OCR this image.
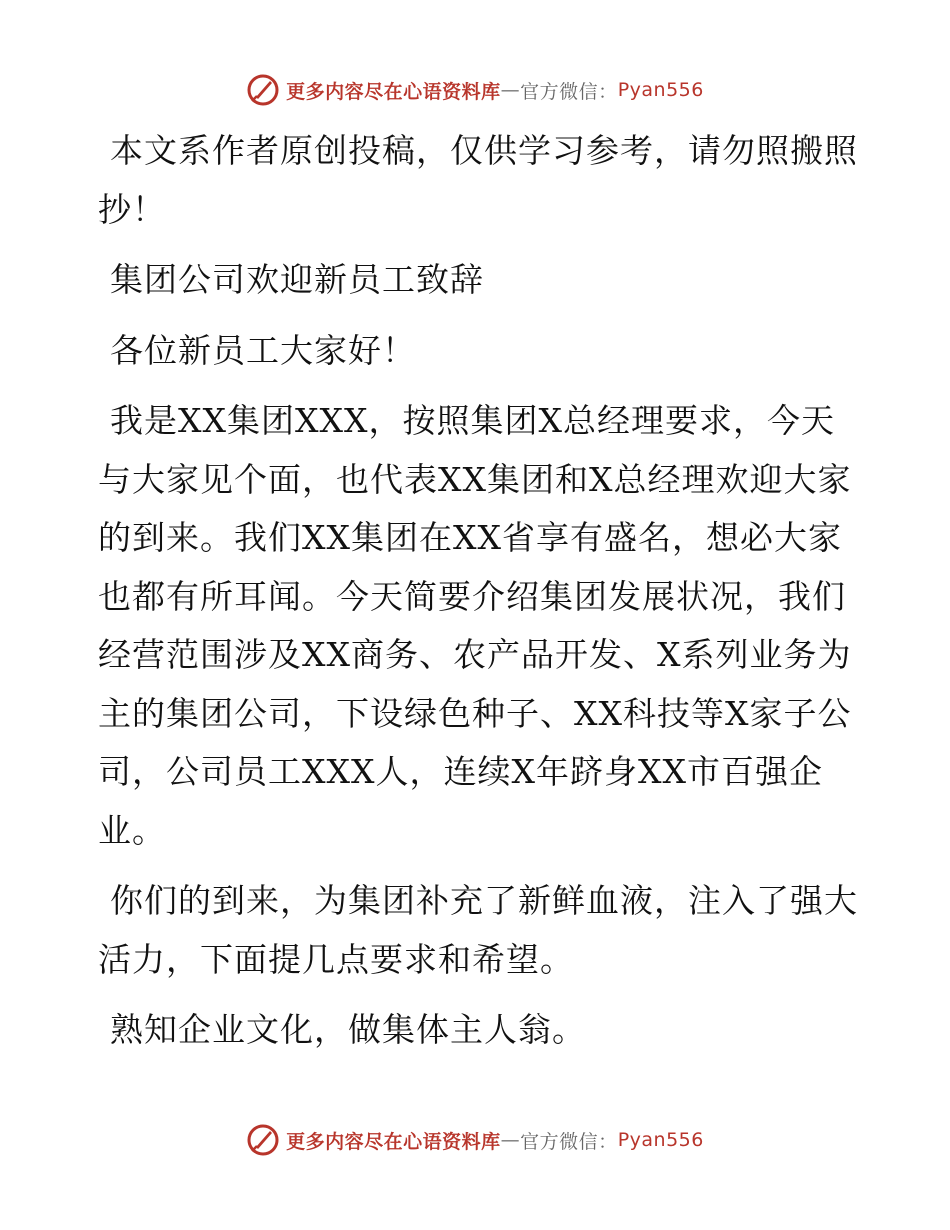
更多内容尽在心语资料库 — 官方微信： Pyan556

本文系作者原创投稿，仅供学习参考，请勿照搬照抄！

集团公司欢迎新员工致辞

各位新员工大家好！

我是XX集团XXX，按照集团X总经理要求，今天与大家见个面，也代表XX集团和X总经理欢迎大家的到来。我们XX集团在XX省享有盛名，想必大家也都有所耳闻。今天简要介绍集团发展状况，我们经营范围涉及XX商务、农产品开发、X系列业务为主的集团公司，下设绿色种子、XX科技等X家子公司，公司员工XXX人，连续X年跻身XX市百强企业。

你们的到来，为集团补充了新鲜血液，注入了强大活力，下面提几点要求和希望。

熟知企业文化，做集体主人翁。

更多内容尽在心语资料库 — 官方微信： Pyan556
